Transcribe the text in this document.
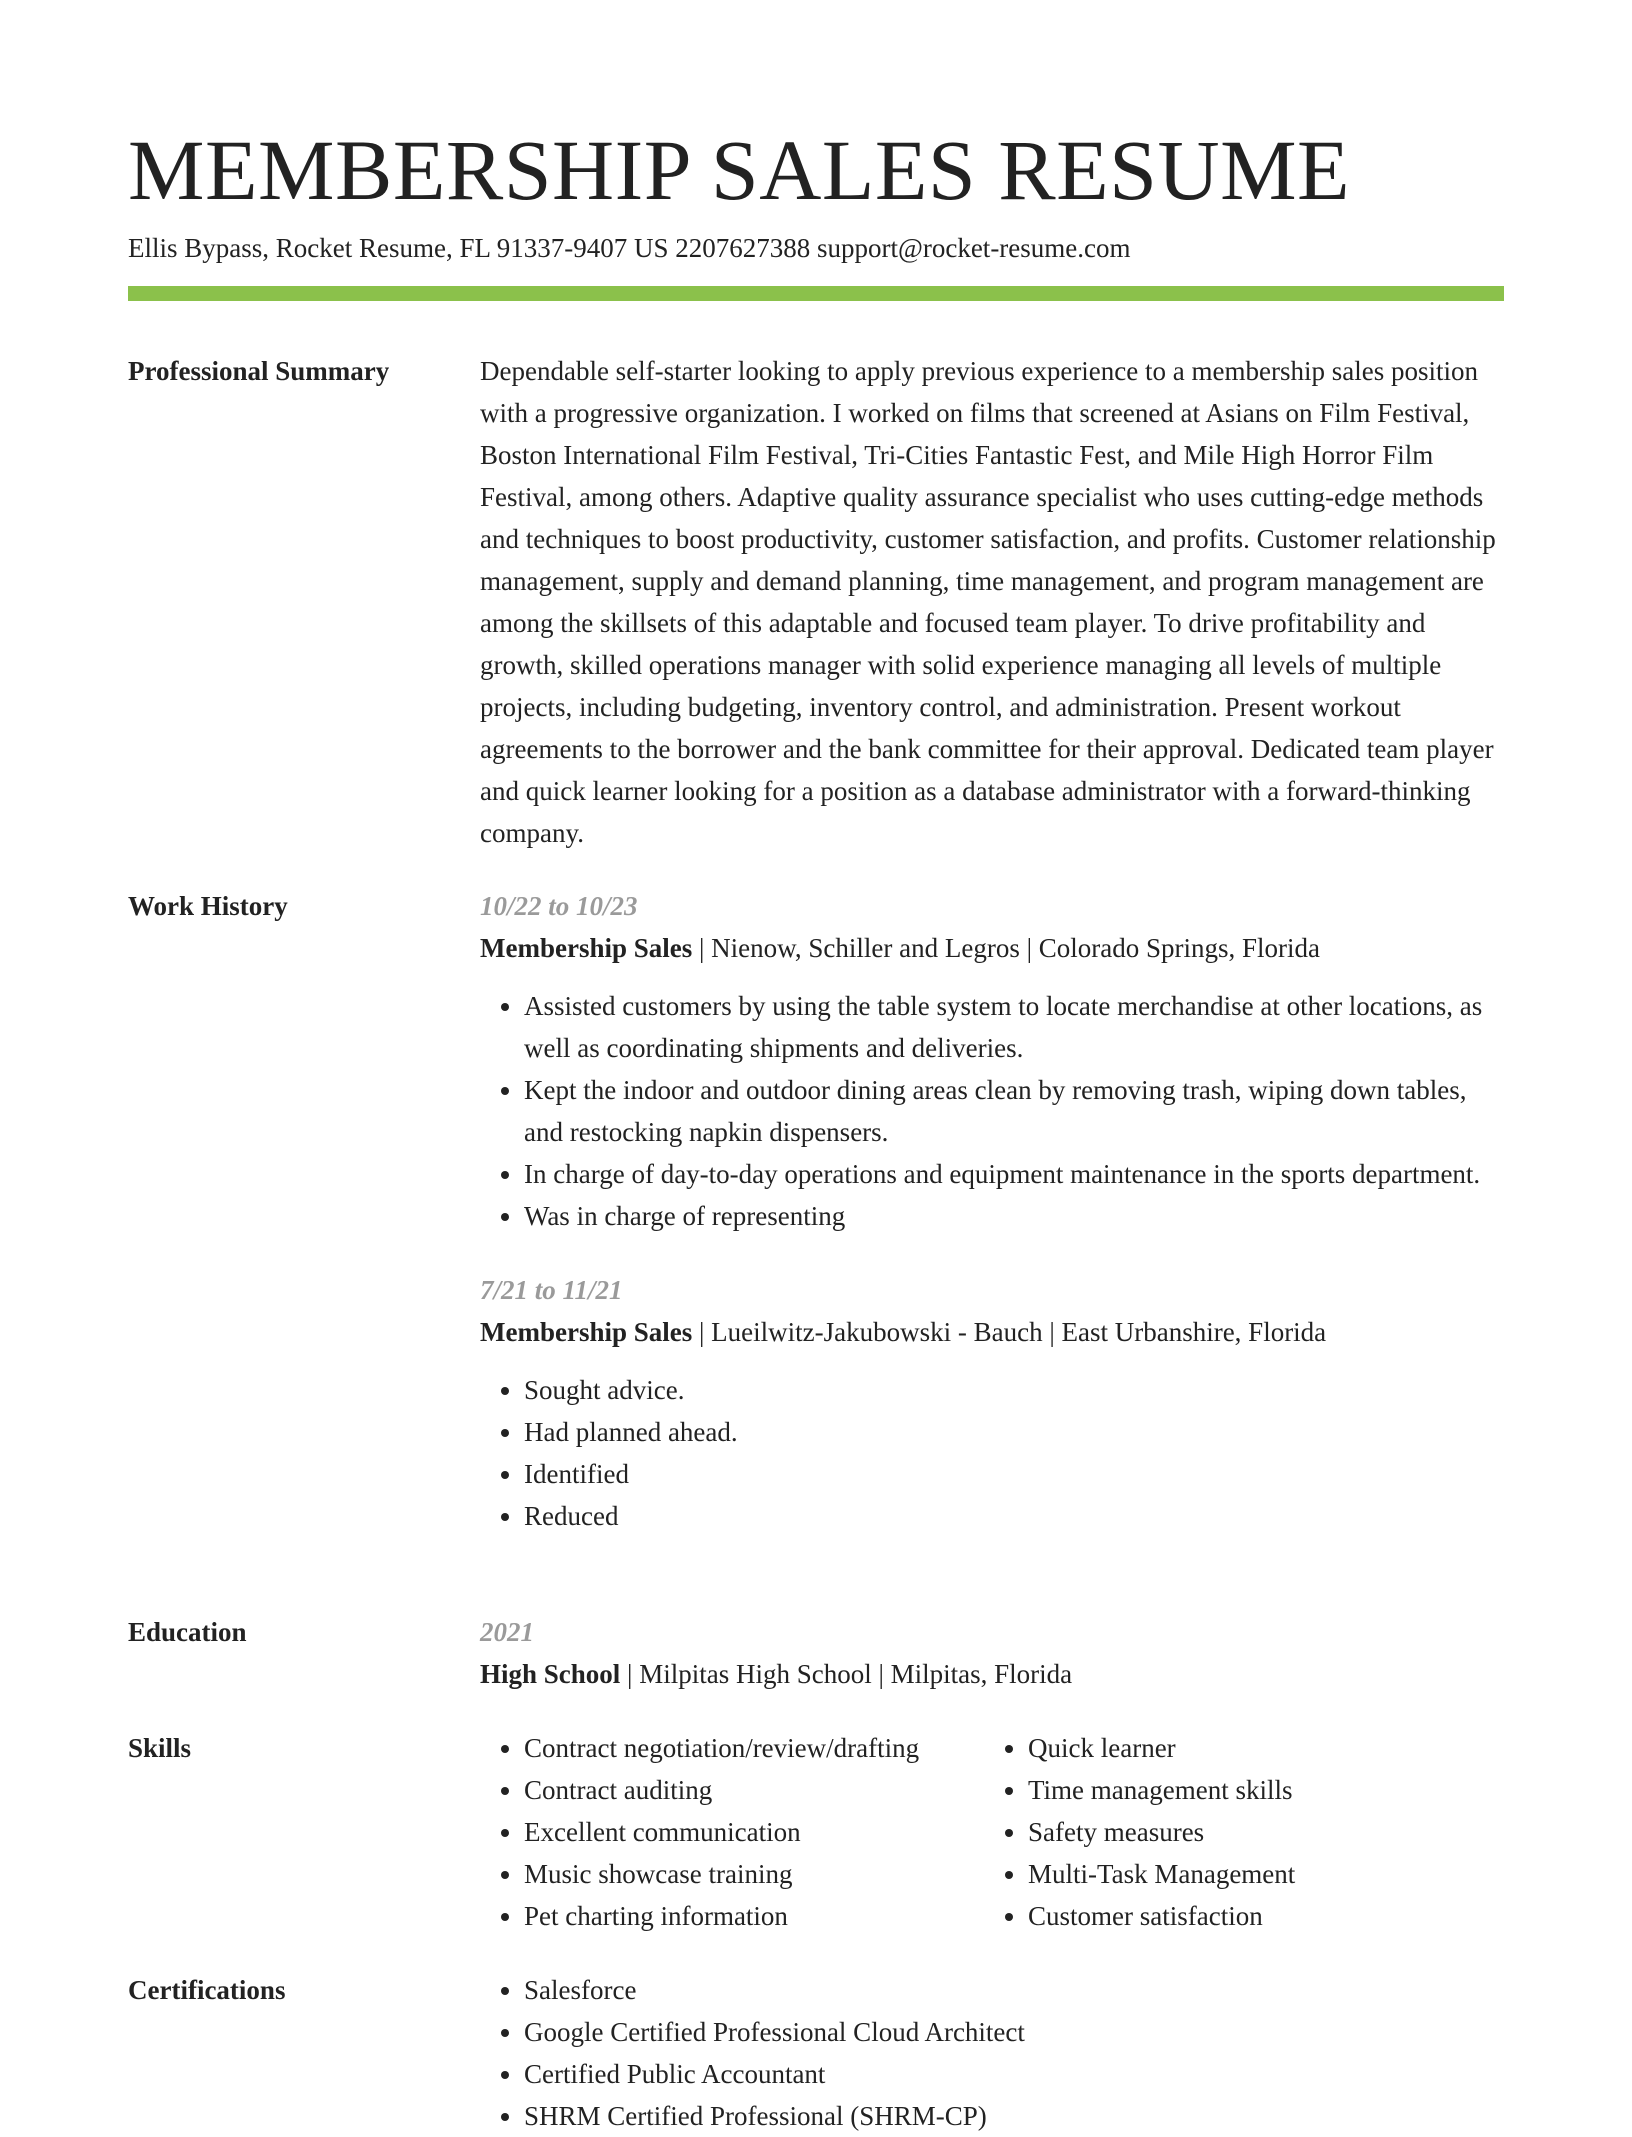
MEMBERSHIP SALES RESUME
Ellis Bypass, Rocket Resume, FL 91337-9407 US 2207627388 support@rocket-resume.com
Professional Summary	Dependable self-starter looking to apply previous experience to a membership sales position with a progressive organization. I worked on films that screened at Asians on Film Festival, Boston International Film Festival, Tri-Cities Fantastic Fest, and Mile High Horror Film Festival, among others. Adaptive quality assurance specialist who uses cutting-edge methods and techniques to boost productivity, customer satisfaction, and profits. Customer relationship management, supply and demand planning, time management, and program management are among the skillsets of this adaptable and focused team player. To drive profitability and growth, skilled operations manager with solid experience managing all levels of multiple projects, including budgeting, inventory control, and administration. Present workout agreements to the borrower and the bank committee for their approval. Dedicated team player and quick learner looking for a position as a database administrator with a forward-thinking company.

Work History	10/22 to 10/23
Membership Sales | Nienow, Schiller and Legros | Colorado Springs, Florida
• Assisted customers by using the table system to locate merchandise at other locations, as well as coordinating shipments and deliveries.
• Kept the indoor and outdoor dining areas clean by removing trash, wiping down tables, and restocking napkin dispensers.
• In charge of day-to-day operations and equipment maintenance in the sports department.
• Was in charge of representing
7/21 to 11/21
Membership Sales | Lueilwitz-Jakubowski - Bauch | East Urbanshire, Florida
• Sought advice.
• Had planned ahead.
• Identified
• Reduced
Education	2021
High School | Milpitas High School | Milpitas, Florida
Skills	• Contract negotiation/review/drafting
• Contract auditing
• Excellent communication
• Music showcase training
• Pet charting information
• Quick learner
• Time management skills
• Safety measures
• Multi-Task Management
• Customer satisfaction
Certifications	• Salesforce
• Google Certified Professional Cloud Architect
• Certified Public Accountant
• SHRM Certified Professional (SHRM-CP)
